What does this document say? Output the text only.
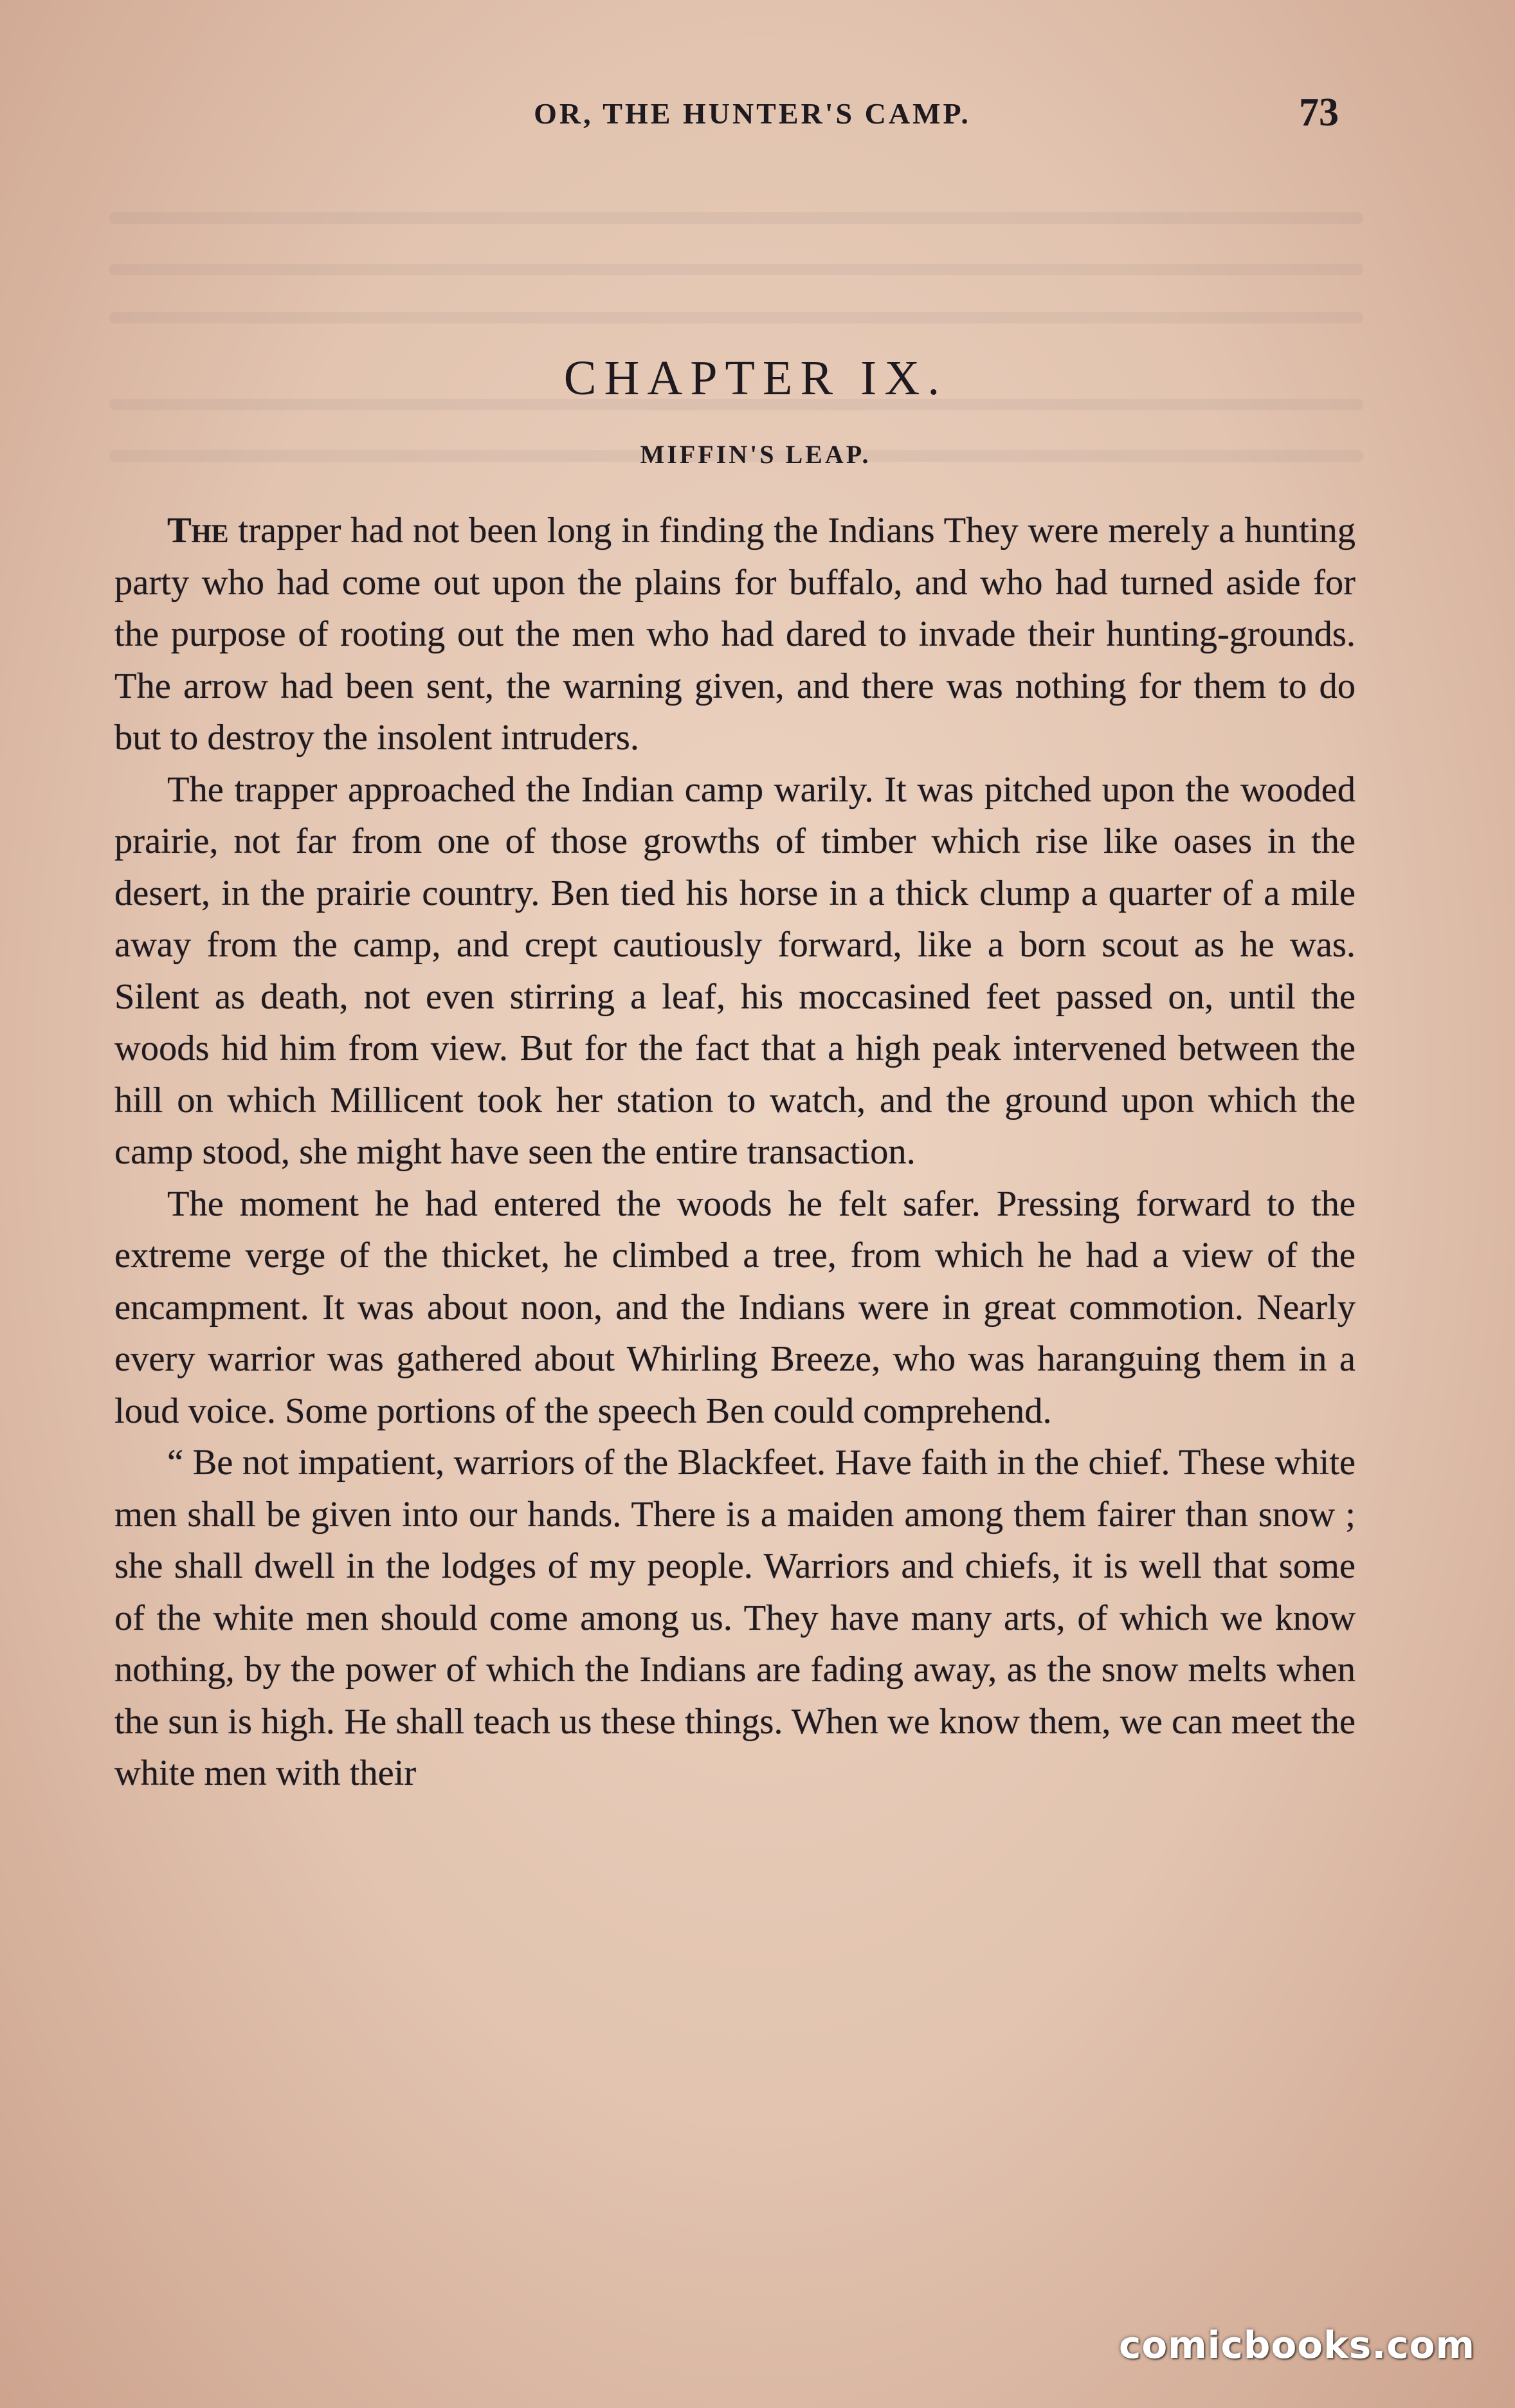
OR, THE HUNTER'S CAMP.	73
CHAPTER IX.
MIFFIN'S LEAP.

The trapper had not been long in finding the Indians They were merely a hunting party who had come out upon the plains for buffalo, and who had turned aside for the purpose of rooting out the men who had dared to invade their hunting-grounds. The arrow had been sent, the warning given, and there was nothing for them to do but to destroy the insolent intruders.

The trapper approached the Indian camp warily. It was pitched upon the wooded prairie, not far from one of those growths of timber which rise like oases in the desert, in the prairie country. Ben tied his horse in a thick clump a quarter of a mile away from the camp, and crept cautiously forward, like a born scout as he was. Silent as death, not even stirring a leaf, his moccasined feet passed on, until the woods hid him from view. But for the fact that a high peak intervened between the hill on which Millicent took her station to watch, and the ground upon which the camp stood, she might have seen the entire transaction.

The moment he had entered the woods he felt safer. Pressing forward to the extreme verge of the thicket, he climbed a tree, from which he had a view of the encampment. It was about noon, and the Indians were in great commotion. Nearly every warrior was gathered about Whirling Breeze, who was haranguing them in a loud voice. Some portions of the speech Ben could comprehend.

“ Be not impatient, warriors of the Blackfeet. Have faith in the chief. These white men shall be given into our hands. There is a maiden among them fairer than snow ; she shall dwell in the lodges of my people. Warriors and chiefs, it is well that some of the white men should come among us. They have many arts, of which we know nothing, by the power of which the Indians are fading away, as the snow melts when the sun is high. He shall teach us these things. When we know them, we can meet the white men with their

comicbooks.com
